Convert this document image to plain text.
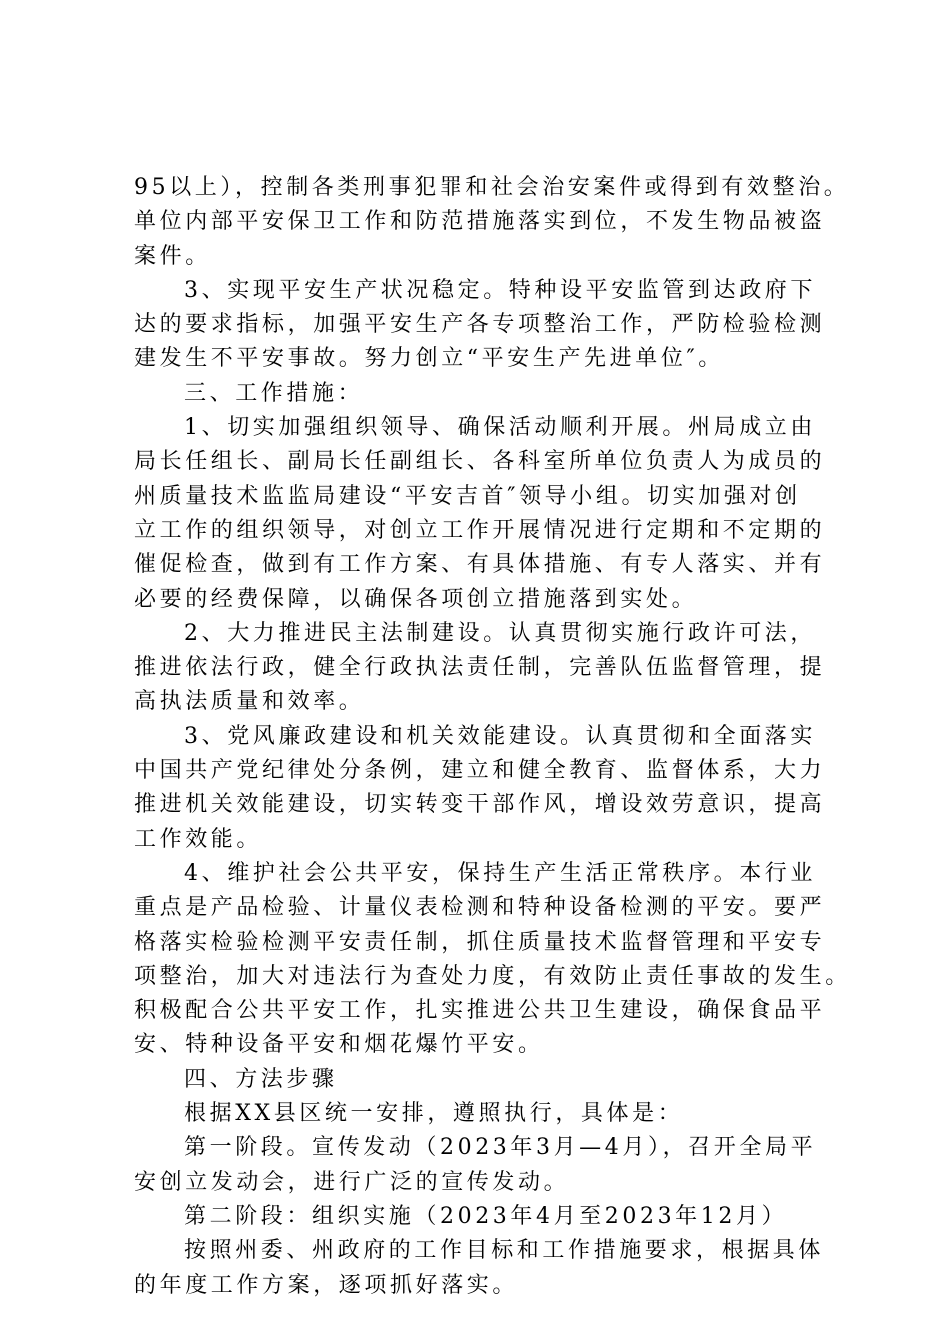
95以上），控制各类刑事犯罪和社会治安案件或得到有效整治。
单位内部平安保卫工作和防范措施落实到位，不发生物品被盗
案件。
3、实现平安生产状况稳定。特种设平安监管到达政府下
达的要求指标，加强平安生产各专项整治工作，严防检验检测
建发生不平安事故。努力创立“平安生产先进单位″。
三、工作措施：
1、切实加强组织领导、确保活动顺利开展。州局成立由
局长任组长、副局长任副组长、各科室所单位负责人为成员的
州质量技术监监局建设“平安吉首″领导小组。切实加强对创
立工作的组织领导，对创立工作开展情况进行定期和不定期的
催促检查，做到有工作方案、有具体措施、有专人落实、并有
必要的经费保障，以确保各项创立措施落到实处。
2、大力推进民主法制建设。认真贯彻实施行政许可法，
推进依法行政，健全行政执法责任制，完善队伍监督管理，提
高执法质量和效率。
3、党风廉政建设和机关效能建设。认真贯彻和全面落实
中国共产党纪律处分条例，建立和健全教育、监督体系，大力
推进机关效能建设，切实转变干部作风，增设效劳意识，提高
工作效能。
4、维护社会公共平安，保持生产生活正常秩序。本行业
重点是产品检验、计量仪表检测和特种设备检测的平安。要严
格落实检验检测平安责任制，抓住质量技术监督管理和平安专
项整治，加大对违法行为查处力度，有效防止责任事故的发生。
积极配合公共平安工作，扎实推进公共卫生建设，确保食品平
安、特种设备平安和烟花爆竹平安。
四、方法步骤
根据XX县区统一安排，遵照执行，具体是：
第一阶段。宣传发动（2023年3月—4月），召开全局平
安创立发动会，进行广泛的宣传发动。
第二阶段：组织实施（2023年4月至2023年12月）
按照州委、州政府的工作目标和工作措施要求，根据具体
的年度工作方案，逐项抓好落实。
